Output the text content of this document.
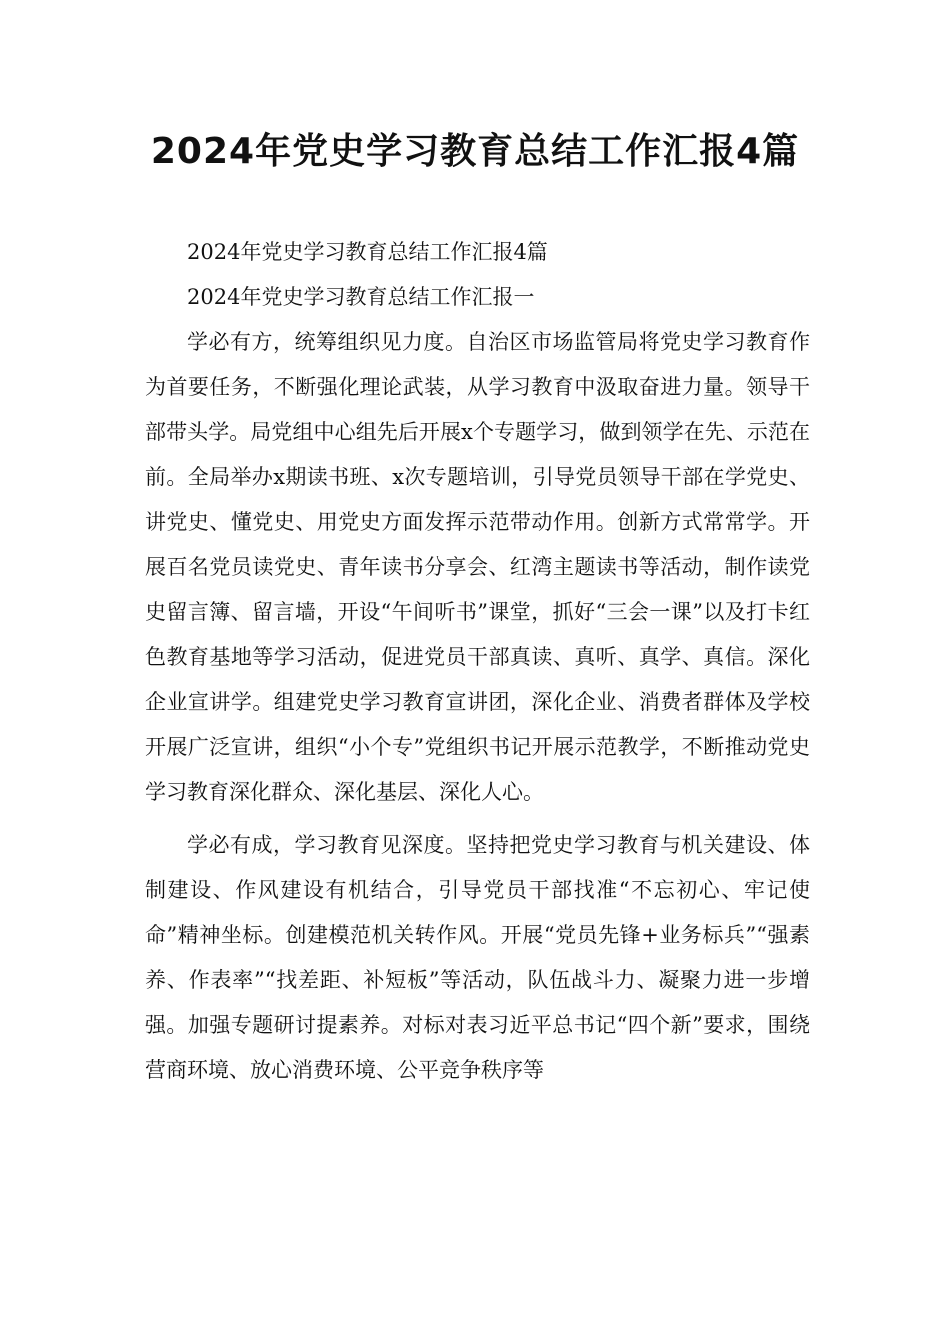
2024年党史学习教育总结工作汇报4篇

2024年党史学习教育总结工作汇报4篇

2024年党史学习教育总结工作汇报一

学必有方，统筹组织见力度。自治区市场监管局将党史学习教育作为首要任务，不断强化理论武装，从学习教育中汲取奋进力量。领导干部带头学。局党组中心组先后开展x个专题学习，做到领学在先、示范在前。全局举办x期读书班、x次专题培训，引导党员领导干部在学党史、讲党史、懂党史、用党史方面发挥示范带动作用。创新方式常常学。开展百名党员读党史、青年读书分享会、红湾主题读书等活动，制作读党史留言簿、留言墙，开设“午间听书”课堂，抓好“三会一课”以及打卡红色教育基地等学习活动，促进党员干部真读、真听、真学、真信。深化企业宣讲学。组建党史学习教育宣讲团，深化企业、消费者群体及学校开展广泛宣讲，组织“小个专”党组织书记开展示范教学，不断推动党史学习教育深化群众、深化基层、深化人心。

学必有成，学习教育见深度。坚持把党史学习教育与机关建设、体制建设、作风建设有机结合，引导党员干部找准“不忘初心、牢记使命”精神坐标。创建模范机关转作风。开展“党员先锋+业务标兵”“强素养、作表率”“找差距、补短板”等活动，队伍战斗力、凝聚力进一步增强。加强专题研讨提素养。对标对表习近平总书记“四个新”要求，围绕营商环境、放心消费环境、公平竞争秩序等
